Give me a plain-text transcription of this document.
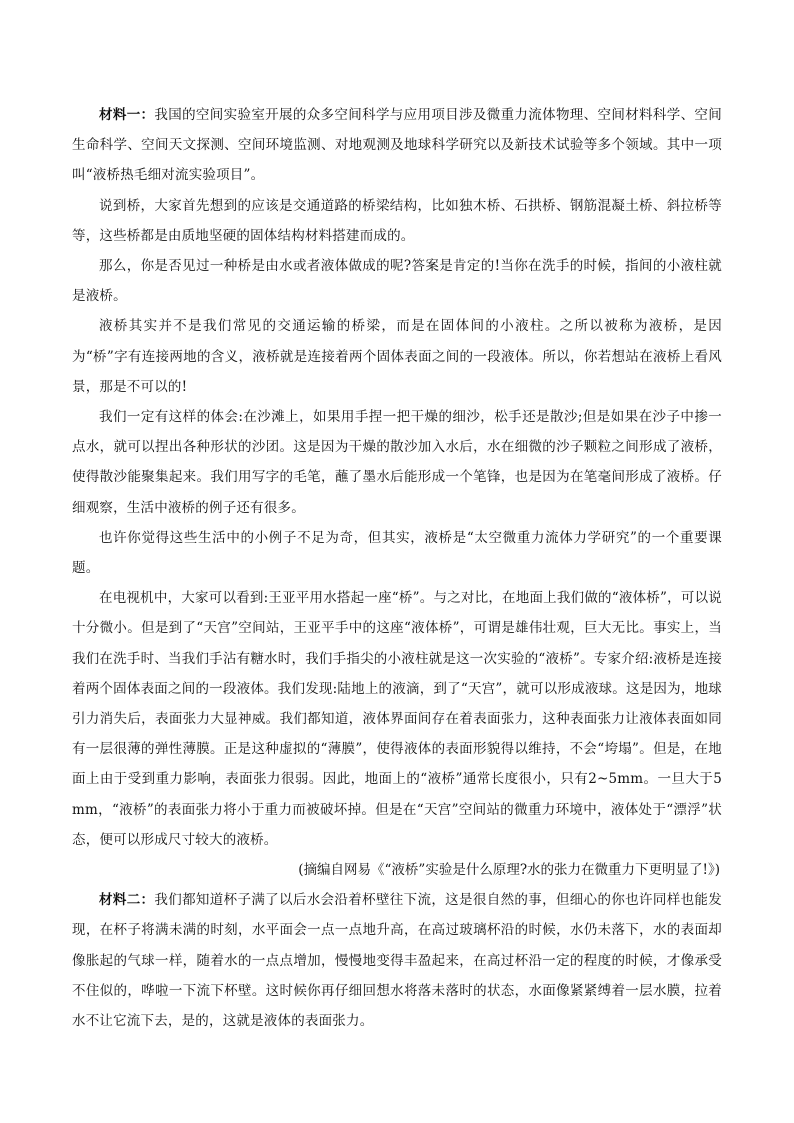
材料一：我国的空间实验室开展的众多空间科学与应用项目涉及微重力流体物理、空间材料科学、空间生命科学、空间天文探测、空间环境监测、对地观测及地球科学研究以及新技术试验等多个领域。其中一项叫“液桥热毛细对流实验项目”。

说到桥，大家首先想到的应该是交通道路的桥梁结构，比如独木桥、石拱桥、钢筋混凝土桥、斜拉桥等等，这些桥都是由质地坚硬的固体结构材料搭建而成的。

那么，你是否见过一种桥是由水或者液体做成的呢?答案是肯定的!当你在洗手的时候，指间的小液柱就是液桥。

液桥其实并不是我们常见的交通运输的桥梁，而是在固体间的小液柱。之所以被称为液桥，是因为“桥”字有连接两地的含义，液桥就是连接着两个固体表面之间的一段液体。所以，你若想站在液桥上看风景，那是不可以的!

我们一定有这样的体会:在沙滩上，如果用手捏一把干燥的细沙，松手还是散沙;但是如果在沙子中掺一点水，就可以捏出各种形状的沙团。这是因为干燥的散沙加入水后，水在细微的沙子颗粒之间形成了液桥，使得散沙能聚集起来。我们用写字的毛笔，蘸了墨水后能形成一个笔锋，也是因为在笔毫间形成了液桥。仔细观察，生活中液桥的例子还有很多。

也许你觉得这些生活中的小例子不足为奇，但其实，液桥是“太空微重力流体力学研究”的一个重要课题。

在电视机中，大家可以看到:王亚平用水搭起一座“桥”。与之对比，在地面上我们做的“液体桥”，可以说十分微小。但是到了“天宫”空间站，王亚平手中的这座“液体桥”，可谓是雄伟壮观，巨大无比。事实上，当我们在洗手时、当我们手沾有糖水时，我们手指尖的小液柱就是这一次实验的“液桥”。专家介绍:液桥是连接着两个固体表面之间的一段液体。我们发现:陆地上的液滴，到了“天宫”，就可以形成液球。这是因为，地球引力消失后，表面张力大显神威。我们都知道，液体界面间存在着表面张力，这种表面张力让液体表面如同有一层很薄的弹性薄膜。正是这种虚拟的“薄膜”，使得液体的表面形貌得以维持，不会“垮塌”。但是，在地面上由于受到重力影响，表面张力很弱。因此，地面上的“液桥”通常长度很小，只有2~5mm。一旦大于5mm，“液桥”的表面张力将小于重力而被破坏掉。但是在“天宫”空间站的微重力环境中，液体处于“漂浮”状态，便可以形成尺寸较大的液桥。

(摘编自网易《“液桥”实验是什么原理?水的张力在微重力下更明显了!》)

材料二：我们都知道杯子满了以后水会沿着杯壁往下流，这是很自然的事，但细心的你也许同样也能发现，在杯子将满未满的时刻，水平面会一点一点地升高，在高过玻璃杯沿的时候，水仍未落下，水的表面却像胀起的气球一样，随着水的一点点增加，慢慢地变得丰盈起来，在高过杯沿一定的程度的时候，才像承受不住似的，哗啦一下流下杯壁。这时候你再仔细回想水将落未落时的状态，水面像紧紧缚着一层水膜，拉着水不让它流下去，是的，这就是液体的表面张力。
